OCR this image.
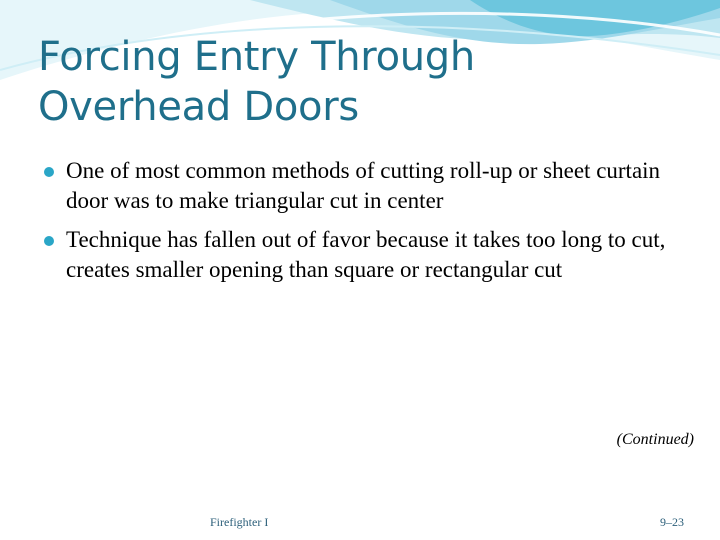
Forcing Entry Through
Overhead Doors
One of most common methods of cutting roll-up or sheet curtain door was to make triangular cut in center
Technique has fallen out of favor because it takes too long to cut, creates smaller opening than square or rectangular cut
(Continued)
Firefighter I	9–23
